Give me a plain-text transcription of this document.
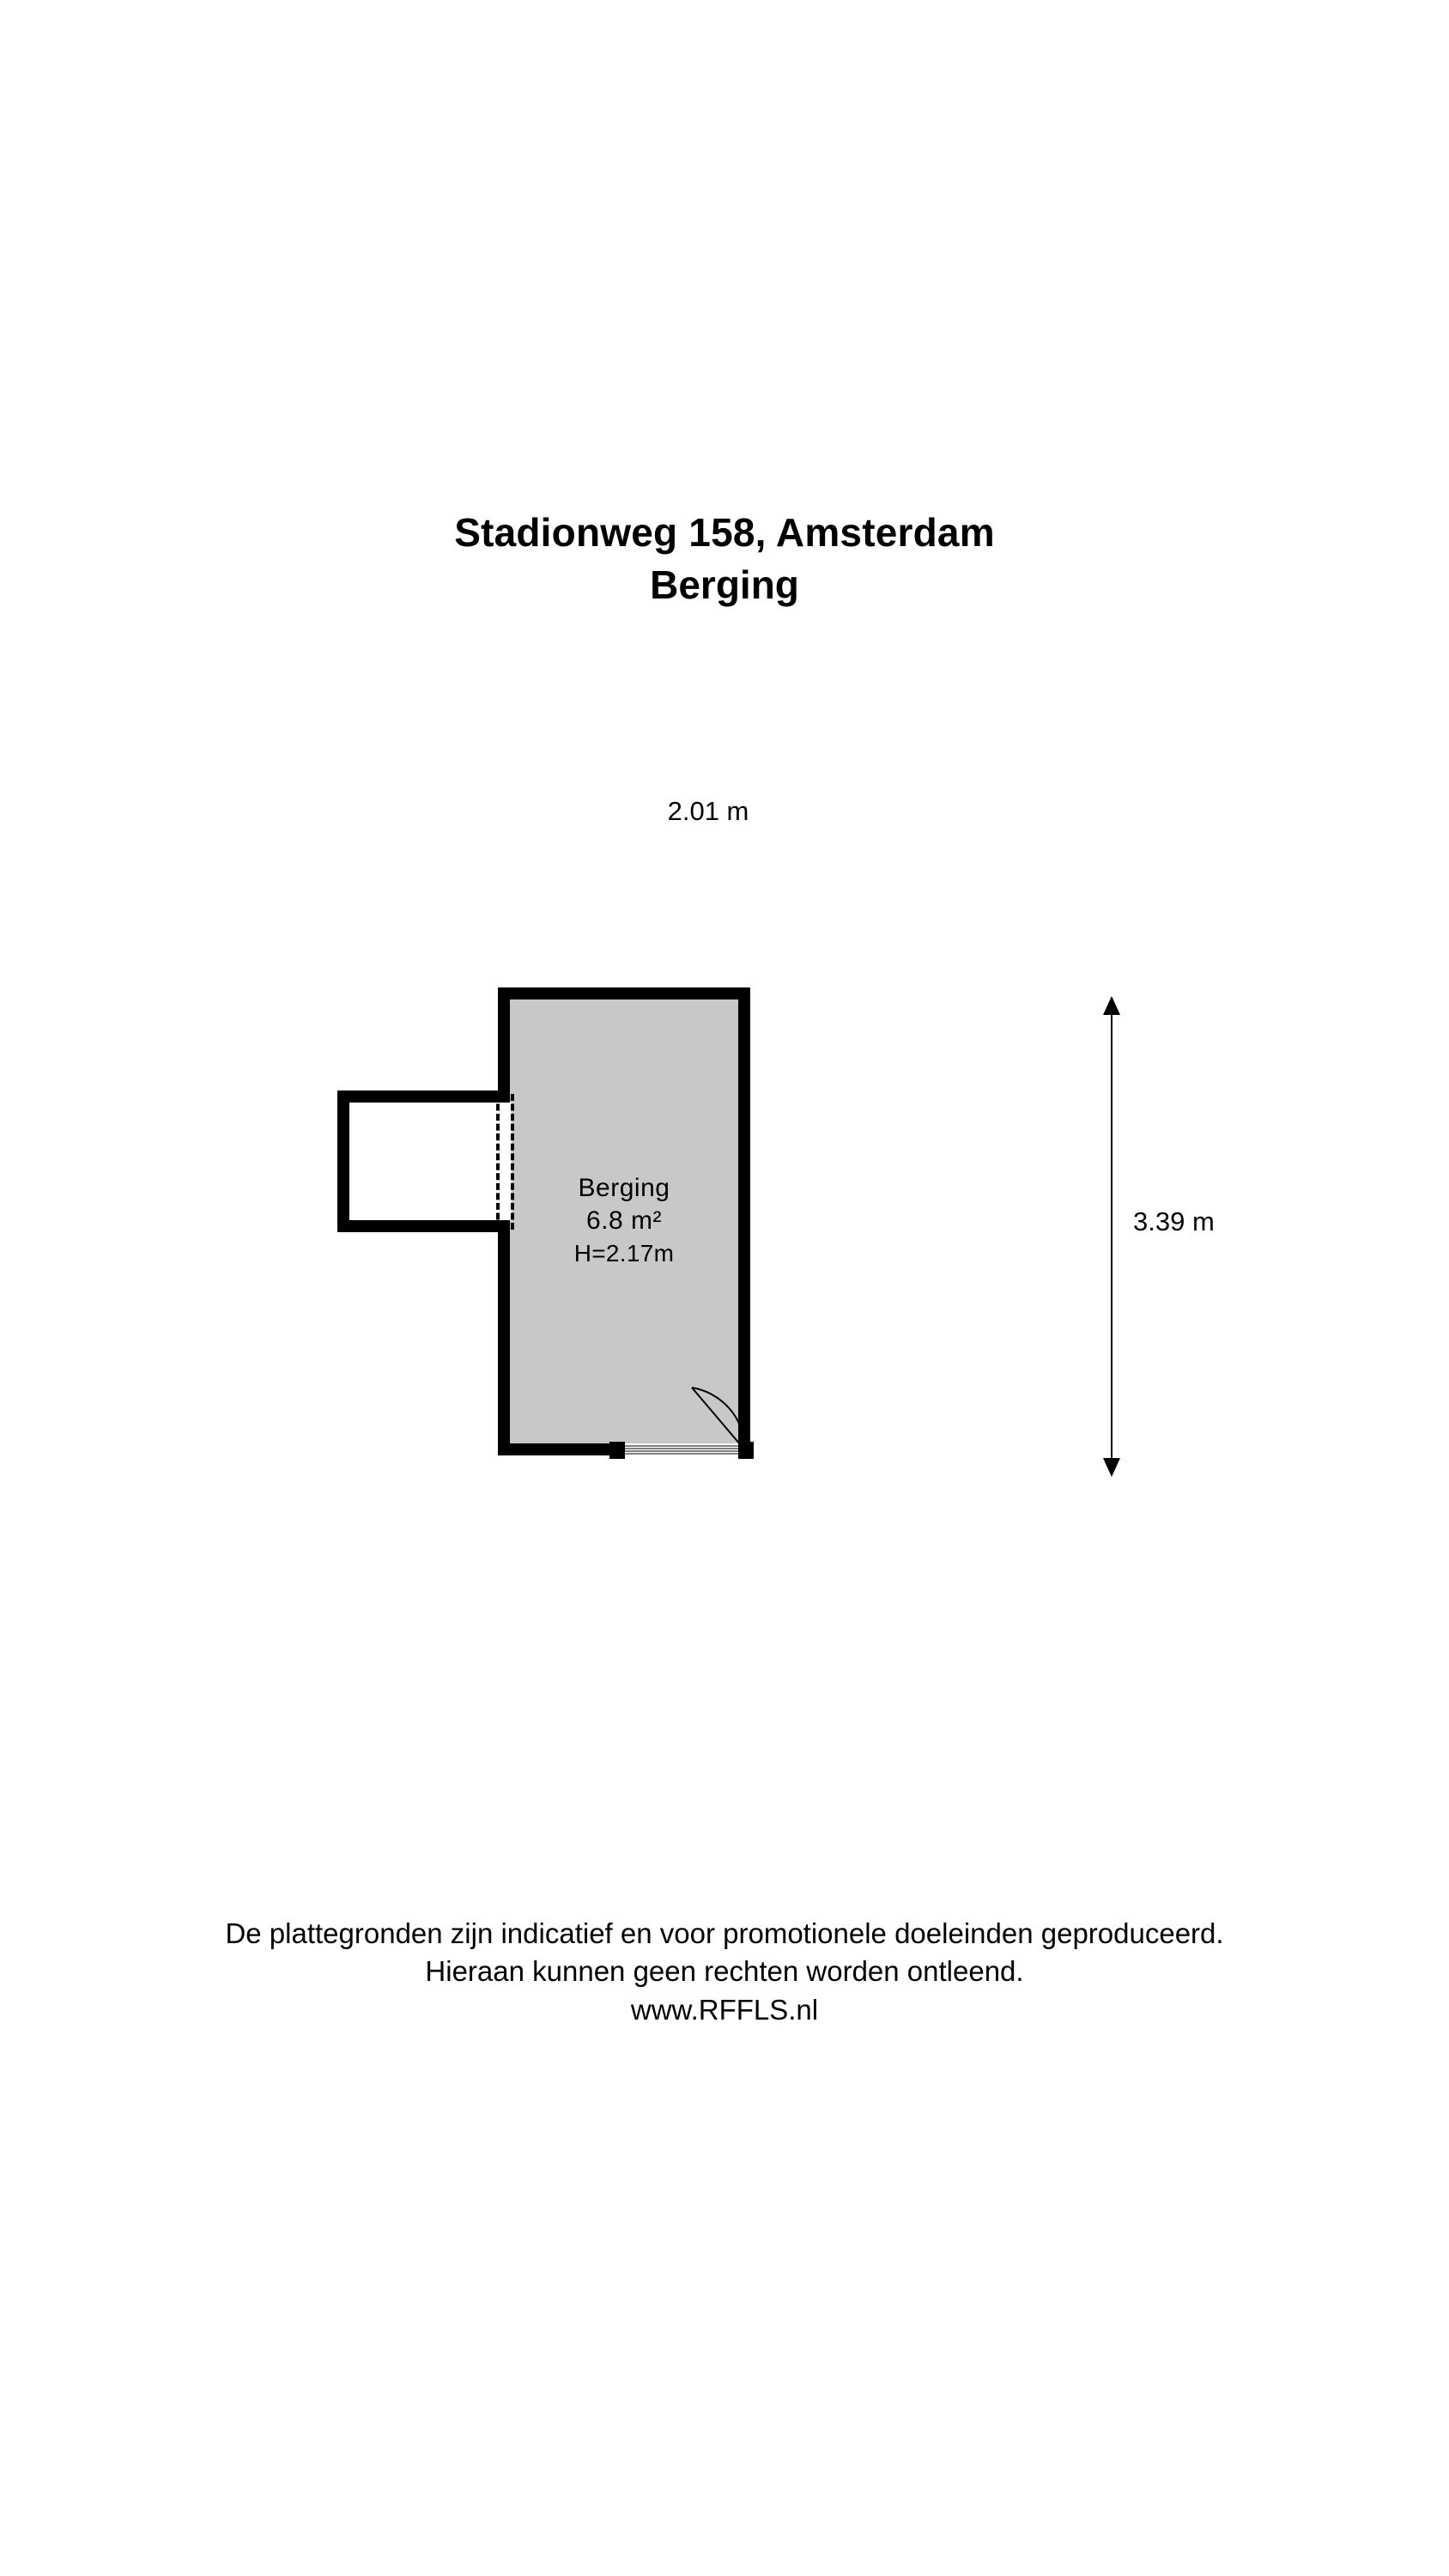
Stadionweg 158, Amsterdam
Berging
2.01 m
3.39 m
Berging
6.8 m²
H=2.17m
De plattegronden zijn indicatief en voor promotionele doeleinden geproduceerd.
Hieraan kunnen geen rechten worden ontleend.
www.RFFLS.nl
